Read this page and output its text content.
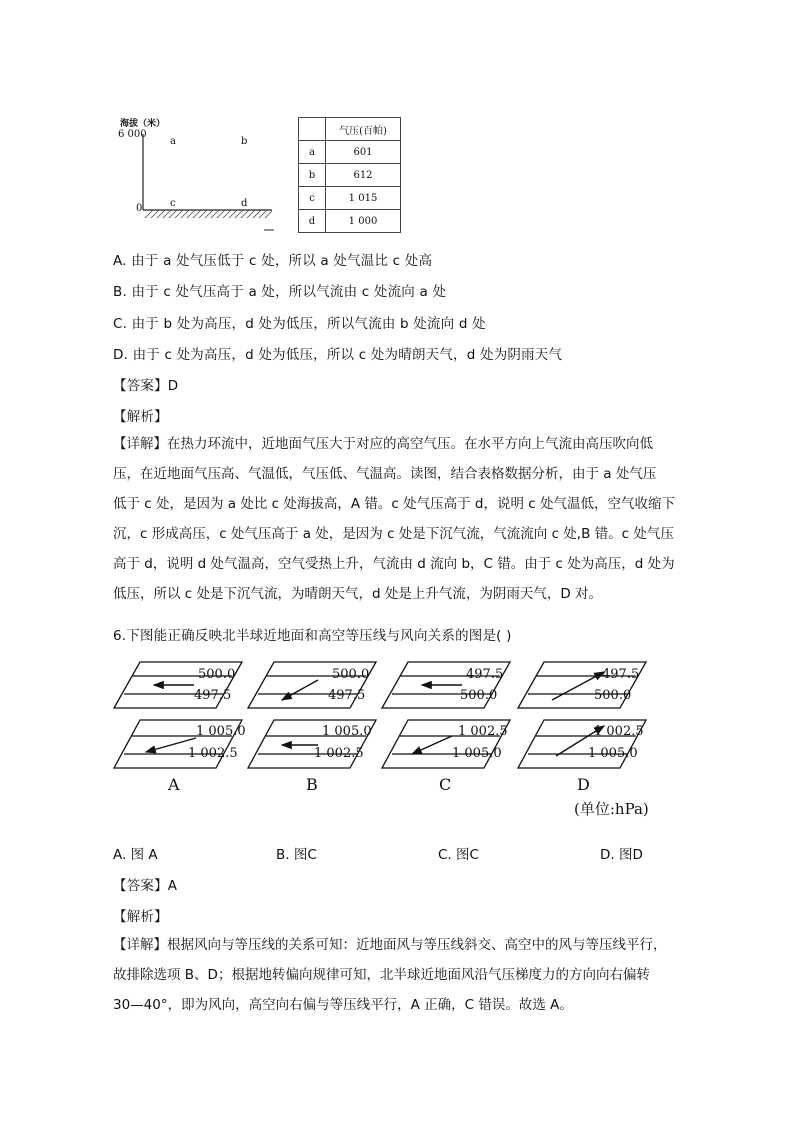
海拔（米）
6 000
0
a	b
c	d
	气压(百帕)
a	601
b	612
c	1 015
d	1 000
A. 由于 a 处气压低于 c 处，所以 a 处气温比 c 处高
B. 由于 c 处气压高于 a 处，所以气流由 c 处流向 a 处
C. 由于 b 处为高压，d 处为低压，所以气流由 b 处流向 d 处
D. 由于 c 处为高压，d 处为低压，所以 c 处为晴朗天气，d 处为阴雨天气
【答案】D
【解析】

【详解】在热力环流中，近地面气压大于对应的高空气压。在水平方向上气流由高压吹向低

压，在近地面气压高、气温低，气压低、气温高。读图，结合表格数据分析，由于 a 处气压

低于 c 处，是因为 a 处比 c 处海拔高，A 错。c 处气压高于 d，说明 c 处气温低，空气收缩下

沉，c 形成高压，c 处气压高于 a 处，是因为 c 处是下沉气流，气流流向 c 处,B 错。c 处气压

高于 d，说明 d 处气温高，空气受热上升，气流由 d 流向 b，C 错。由于 c 处为高压，d 处为

低压，所以 c 处是下沉气流，为晴朗天气，d 处是上升气流，为阴雨天气，D 对。

6.下图能正确反映北半球近地面和高空等压线与风向关系的图是( )
500.0
497.5
1 005.0
1 002.5
500.0
497.5
1 005.0
1 002.5
497.5
500.0
1 002.5
1 005.0
497.5
500.0
1 002.5
1 005.0
A	B	C	D
(单位:hPa)
A. 图 A	B. 图C	C. 图C	D. 图D
【答案】A
【解析】

【详解】根据风向与等压线的关系可知：近地面风与等压线斜交、高空中的风与等压线平行，

故排除选项 B、D；根据地转偏向规律可知，北半球近地面风沿气压梯度力的方向向右偏转

30—40°，即为风向，高空向右偏与等压线平行，A 正确，C 错误。故选 A。
